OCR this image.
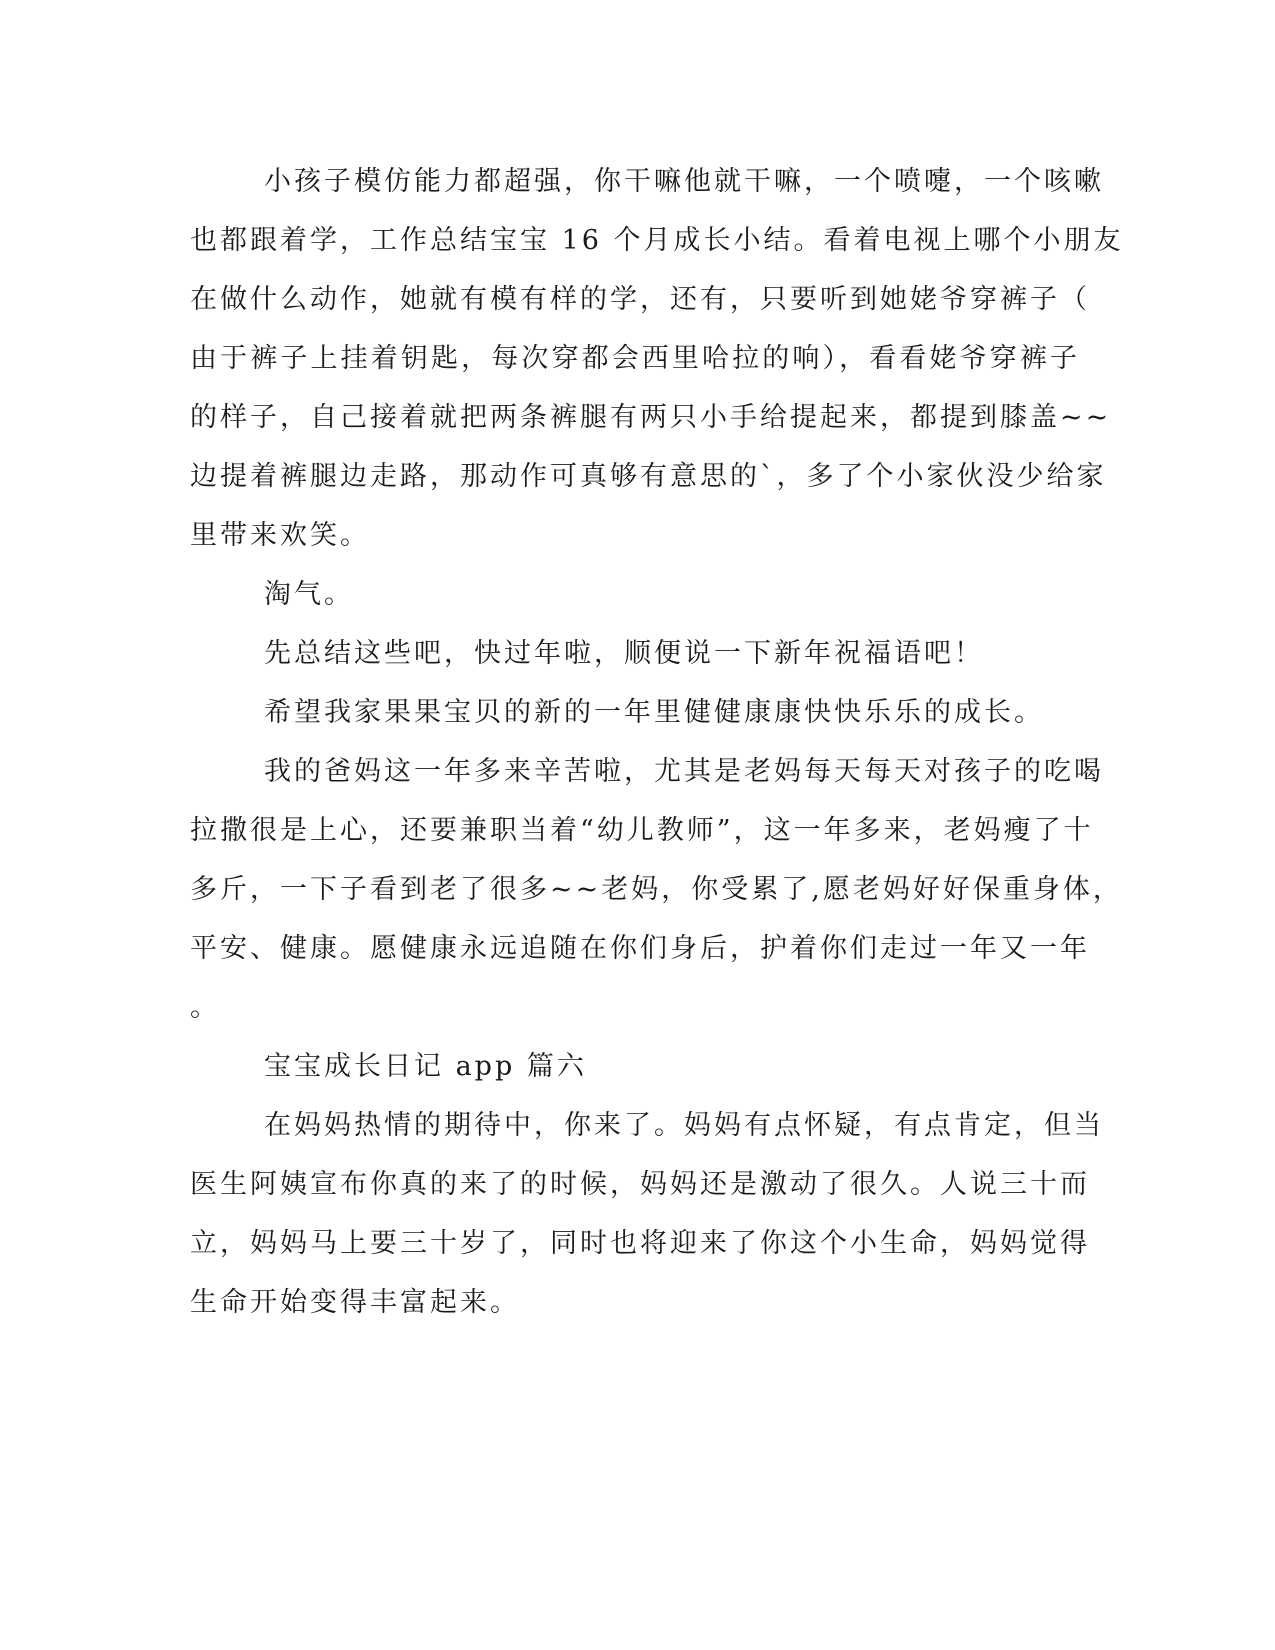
小孩子模仿能力都超强，你干嘛他就干嘛，一个喷嚏，一个咳嗽
也都跟着学，工作总结宝宝 16 个月成长小结。看着电视上哪个小朋友
在做什么动作，她就有模有样的学，还有，只要听到她姥爷穿裤子（
由于裤子上挂着钥匙，每次穿都会西里哈拉的响），看看姥爷穿裤子
的样子，自己接着就把两条裤腿有两只小手给提起来，都提到膝盖~~
边提着裤腿边走路，那动作可真够有意思的`，多了个小家伙没少给家
里带来欢笑。
淘气。
先总结这些吧，快过年啦，顺便说一下新年祝福语吧！
希望我家果果宝贝的新的一年里健健康康快快乐乐的成长。
我的爸妈这一年多来辛苦啦，尤其是老妈每天每天对孩子的吃喝
拉撒很是上心，还要兼职当着“幼儿教师”，这一年多来，老妈瘦了十
多斤，一下子看到老了很多~~老妈，你受累了,愿老妈好好保重身体，
平安、健康。愿健康永远追随在你们身后，护着你们走过一年又一年
。
宝宝成长日记 app 篇六
在妈妈热情的期待中，你来了。妈妈有点怀疑，有点肯定，但当
医生阿姨宣布你真的来了的时候，妈妈还是激动了很久。人说三十而
立，妈妈马上要三十岁了，同时也将迎来了你这个小生命，妈妈觉得
生命开始变得丰富起来。
